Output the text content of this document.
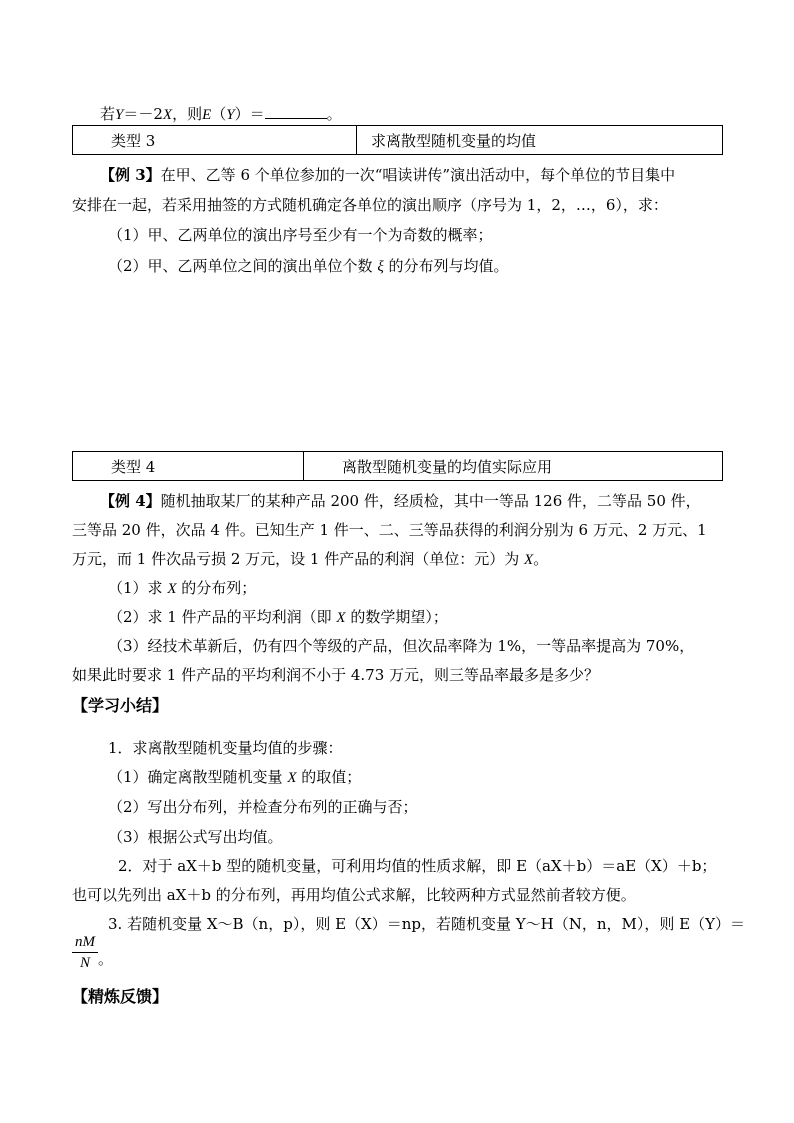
若Y＝－2X，则E（Y）＝	。
类型 3	求离散型随机变量的均值
【例 3】在甲、乙等 6 个单位参加的一次“唱读讲传”演出活动中，每个单位的节目集中
安排在一起，若采用抽签的方式随机确定各单位的演出顺序（序号为 1，2，…，6），求：
（1）甲、乙两单位的演出序号至少有一个为奇数的概率；
（2）甲、乙两单位之间的演出单位个数 ξ 的分布列与均值。
类型 4	离散型随机变量的均值实际应用
【例 4】随机抽取某厂的某种产品 200 件，经质检，其中一等品 126 件，二等品 50 件，
三等品 20 件，次品 4 件。已知生产 1 件一、二、三等品获得的利润分别为 6 万元、2 万元、1
万元，而 1 件次品亏损 2 万元，设 1 件产品的利润（单位：元）为 X。
（1）求 X 的分布列；
（2）求 1 件产品的平均利润（即 X 的数学期望）；
（3）经技术革新后，仍有四个等级的产品，但次品率降为 1%，一等品率提高为 70%，
如果此时要求 1 件产品的平均利润不小于 4.73 万元，则三等品率最多是多少？
【学习小结】
1．求离散型随机变量均值的步骤：
（1）确定离散型随机变量 X 的取值；
（2）写出分布列，并检查分布列的正确与否；
（3）根据公式写出均值。
2．对于 aX＋b 型的随机变量，可利用均值的性质求解，即 E（aX＋b）＝aE（X）＋b；
也可以先列出 aX＋b 的分布列，再用均值公式求解，比较两种方式显然前者较方便。
3. 若随机变量 X～B（n，p），则 E（X）＝np，若随机变量 Y～H（N，n，M），则 E（Y）＝
$\frac{nM}{N}$ 。
【精炼反馈】
